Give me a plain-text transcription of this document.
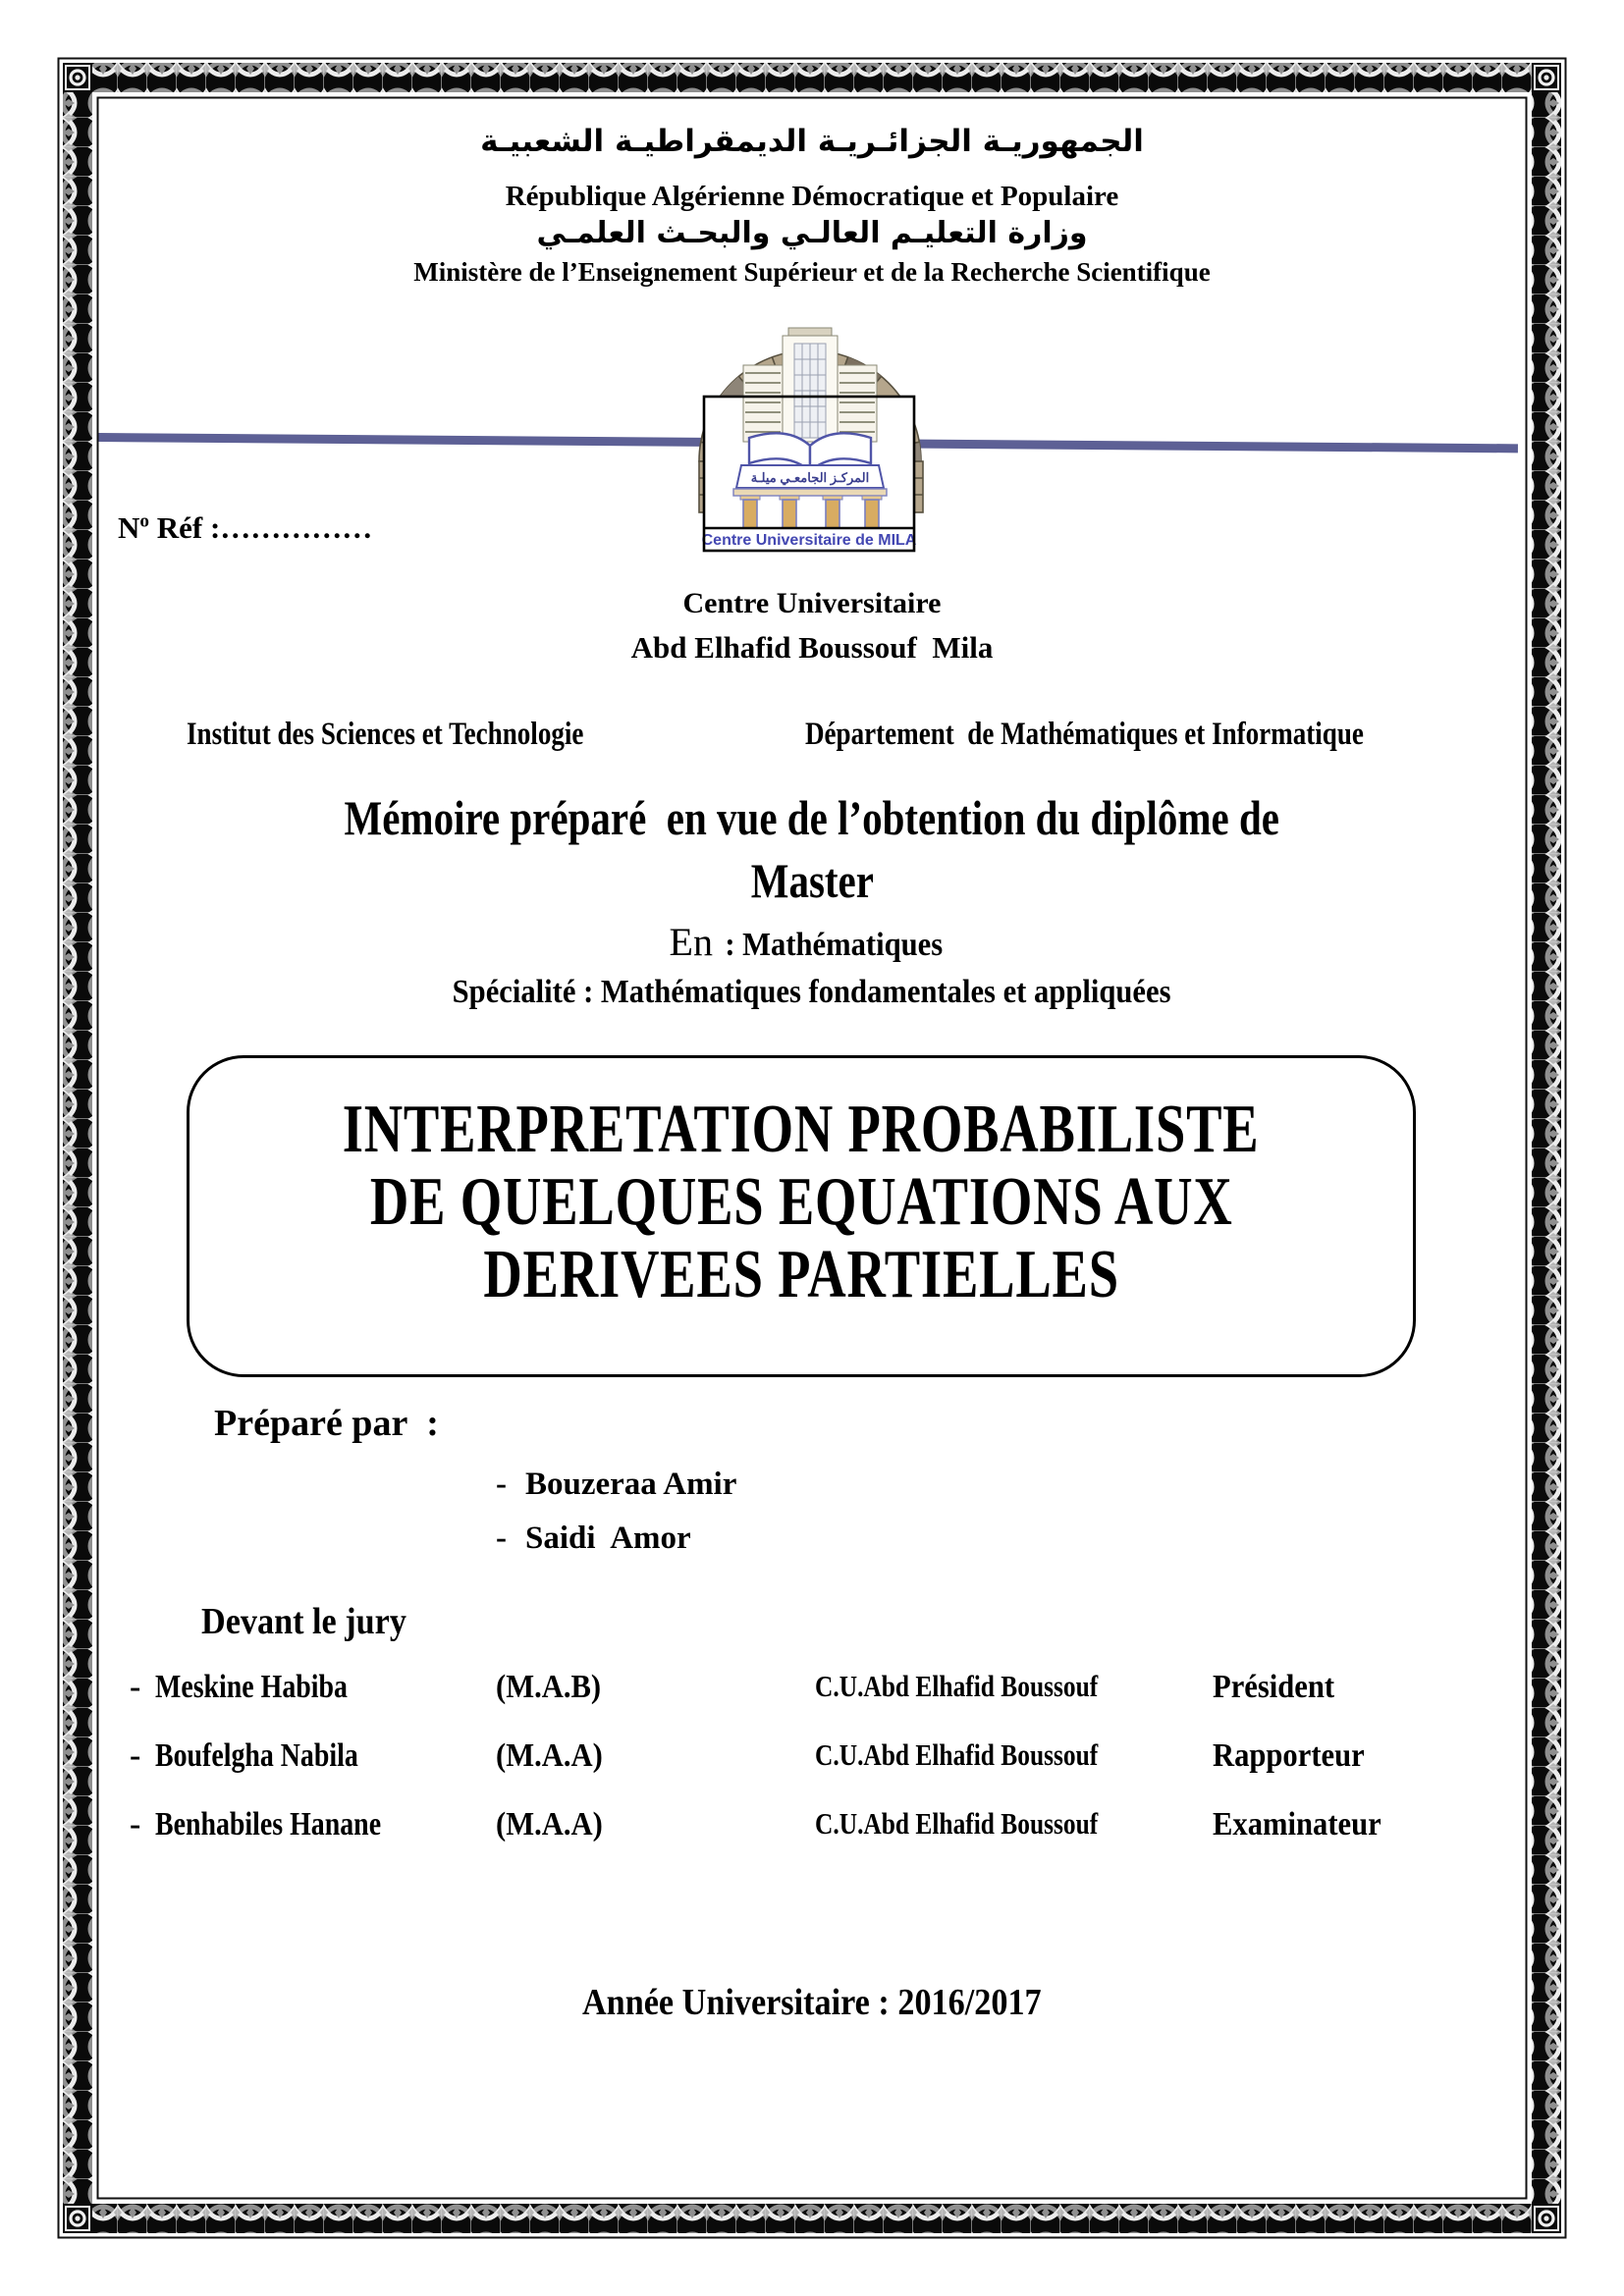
الجمهوريـة الجزائـريـة الديمقراطيـة الشعبيـة
République Algérienne Démocratique et Populaire
وزارة التعليـم العالـي والبحـث العلمـي
Ministère de l’Enseignement Supérieur et de la Recherche Scientifique
المركـز الجامعـي ميلـة
Centre Universitaire de MILA
$N^o$ Réf :……………
Centre Universitaire
Abd Elhafid Boussouf  Mila
Institut des Sciences et Technologie	Département  de Mathématiques et Informatique
Mémoire préparé  en vue de l’obtention du diplôme de
Master
En : Mathématiques
Spécialité : Mathématiques fondamentales et appliquées
INTERPRETATION PROBABILISTE
DE QUELQUES EQUATIONS AUX
DERIVEES PARTIELLES
Préparé par  :
- Bouzeraa Amir
- Saidi  Amor
Devant le jury
- Meskine Habiba	(M.A.B)	C.U.Abd Elhafid Boussouf	Président
- Boufelgha Nabila	(M.A.A)	C.U.Abd Elhafid Boussouf	Rapporteur
- Benhabiles Hanane	(M.A.A)	C.U.Abd Elhafid Boussouf	Examinateur
Année Universitaire : 2016/2017
